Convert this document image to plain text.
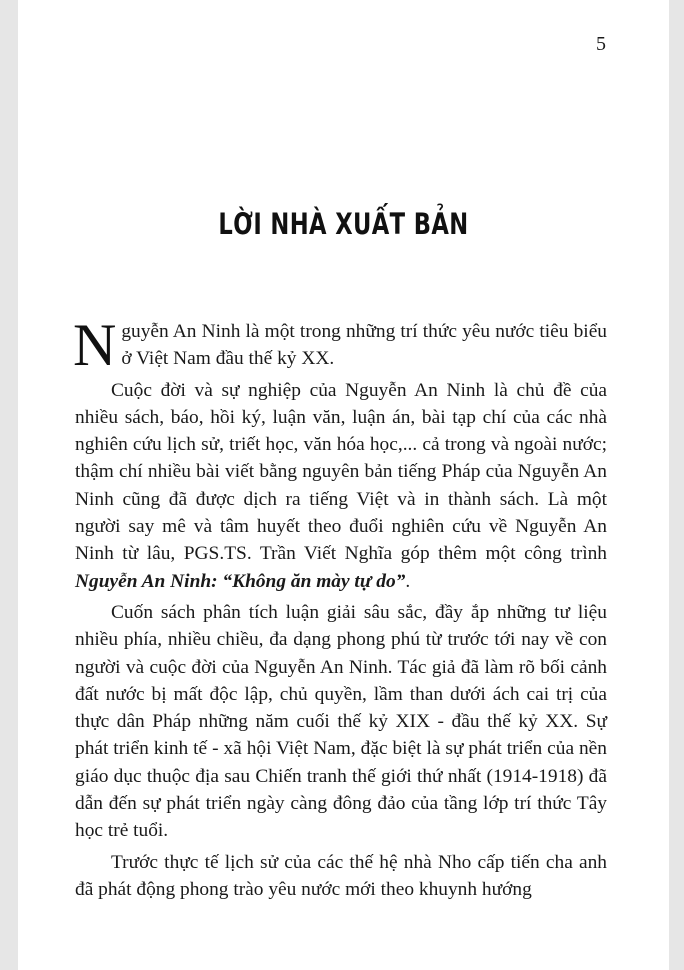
5
LỜI NHÀ XUẤT BẢN

Nguyễn An Ninh là một trong những trí thức yêu nước tiêu biểu ở Việt Nam đầu thế kỷ XX.

Cuộc đời và sự nghiệp của Nguyễn An Ninh là chủ đề của nhiều sách, báo, hồi ký, luận văn, luận án, bài tạp chí của các nhà nghiên cứu lịch sử, triết học, văn hóa học,... cả trong và ngoài nước; thậm chí nhiều bài viết bằng nguyên bản tiếng Pháp của Nguyễn An Ninh cũng đã được dịch ra tiếng Việt và in thành sách. Là một người say mê và tâm huyết theo đuổi nghiên cứu về Nguyễn An Ninh từ lâu, PGS.TS. Trần Viết Nghĩa góp thêm một công trình Nguyễn An Ninh: “Không ăn mày tự do”.

Cuốn sách phân tích luận giải sâu sắc, đầy ắp những tư liệu nhiều phía, nhiều chiều, đa dạng phong phú từ trước tới nay về con người và cuộc đời của Nguyễn An Ninh. Tác giả đã làm rõ bối cảnh đất nước bị mất độc lập, chủ quyền, lầm than dưới ách cai trị của thực dân Pháp những năm cuối thế kỷ XIX - đầu thế kỷ XX. Sự phát triển kinh tế - xã hội Việt Nam, đặc biệt là sự phát triển của nền giáo dục thuộc địa sau Chiến tranh thế giới thứ nhất (1914-1918) đã dẫn đến sự phát triển ngày càng đông đảo của tầng lớp trí thức Tây học trẻ tuổi.

Trước thực tế lịch sử của các thế hệ nhà Nho cấp tiến cha anh đã phát động phong trào yêu nước mới theo khuynh hướng
